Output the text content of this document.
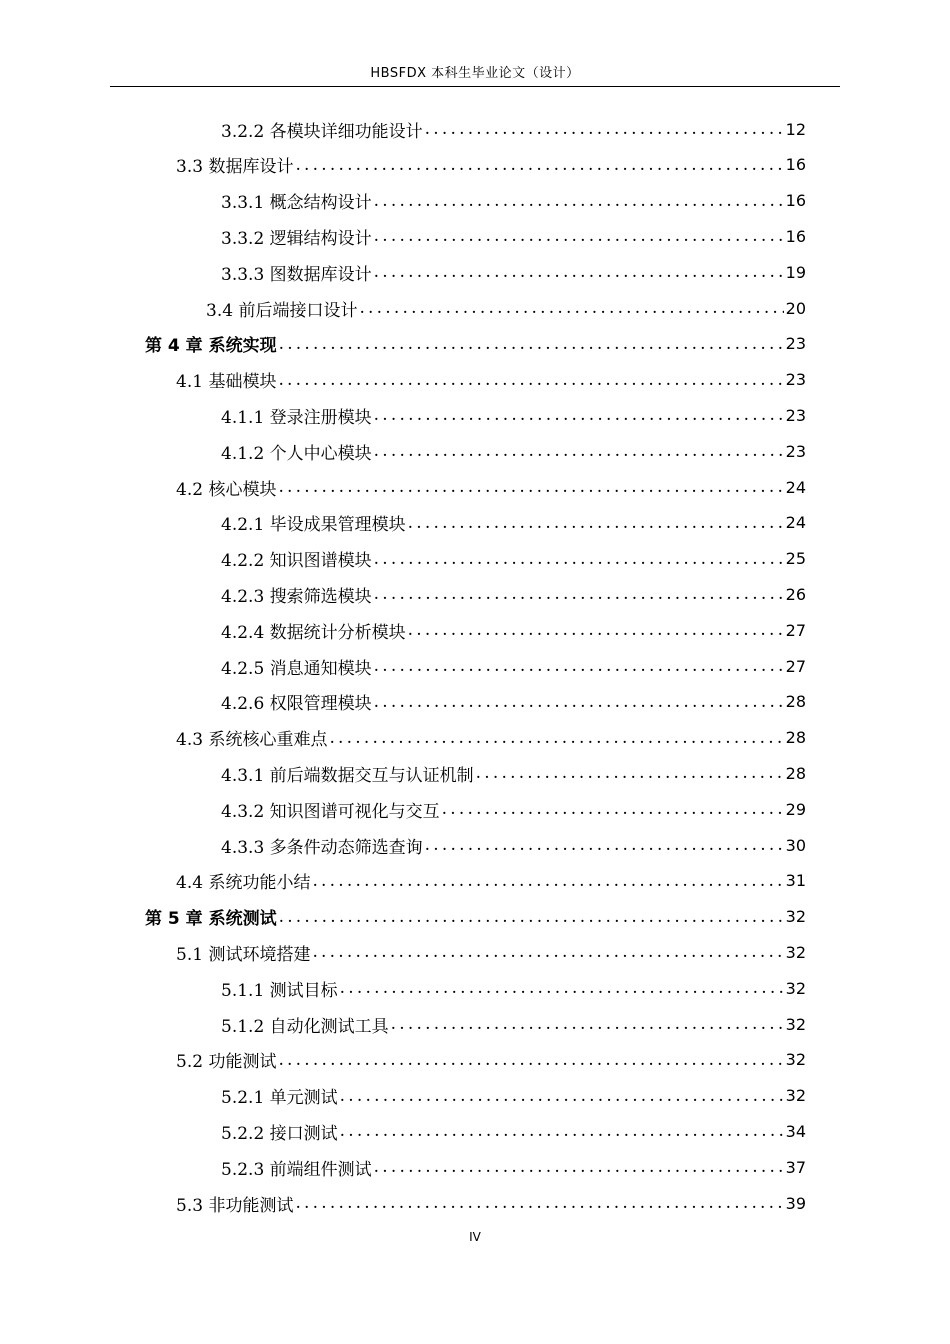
HBSFDX 本科生毕业论文（设计）
3.2.2 各模块详细功能设计 .....	12
3.3 数据库设计 .....	16
3.3.1 概念结构设计 .....	16
3.3.2 逻辑结构设计 .....	16
3.3.3 图数据库设计 .....	19
3.4 前后端接口设计 .....	20
第 4 章 系统实现 .....	23
4.1 基础模块 .....	23
4.1.1 登录注册模块 .....	23
4.1.2 个人中心模块 .....	23
4.2 核心模块 .....	24
4.2.1 毕设成果管理模块 .....	24
4.2.2 知识图谱模块 .....	25
4.2.3 搜索筛选模块 .....	26
4.2.4 数据统计分析模块 .....	27
4.2.5 消息通知模块 .....	27
4.2.6 权限管理模块 .....	28
4.3 系统核心重难点 .....	28
4.3.1 前后端数据交互与认证机制 .....	28
4.3.2 知识图谱可视化与交互 .....	29
4.3.3 多条件动态筛选查询 .....	30
4.4 系统功能小结 .....	31
第 5 章 系统测试 .....	32
5.1 测试环境搭建 .....	32
5.1.1 测试目标 .....	32
5.1.2 自动化测试工具 .....	32
5.2 功能测试 .....	32
5.2.1 单元测试 .....	32
5.2.2 接口测试 .....	34
5.2.3 前端组件测试 .....	37
5.3 非功能测试 .....	39
IV
